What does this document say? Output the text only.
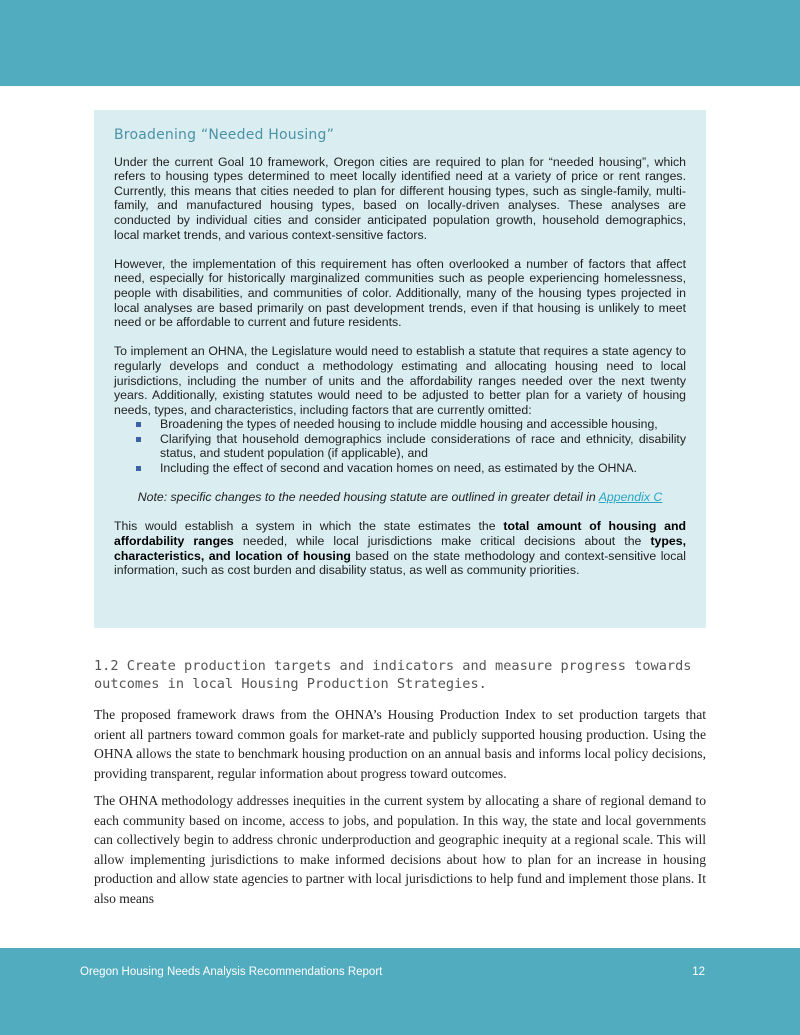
Broadening “Needed Housing”

Under the current Goal 10 framework, Oregon cities are required to plan for “needed housing”, which refers to housing types determined to meet locally identified need at a variety of price or rent ranges. Currently, this means that cities needed to plan for different housing types, such as single-family, multi-family, and manufactured housing types, based on locally-driven analyses. These analyses are conducted by individual cities and consider anticipated population growth, household demographics, local market trends, and various context-sensitive factors.

However, the implementation of this requirement has often overlooked a number of factors that affect need, especially for historically marginalized communities such as people experiencing homelessness, people with disabilities, and communities of color. Additionally, many of the housing types projected in local analyses are based primarily on past development trends, even if that housing is unlikely to meet need or be affordable to current and future residents.

To implement an OHNA, the Legislature would need to establish a statute that requires a state agency to regularly develops and conduct a methodology estimating and allocating housing need to local jurisdictions, including the number of units and the affordability ranges needed over the next twenty years. Additionally, existing statutes would need to be adjusted to better plan for a variety of housing needs, types, and characteristics, including factors that are currently omitted:

Broadening the types of needed housing to include middle housing and accessible housing,
Clarifying that household demographics include considerations of race and ethnicity, disability status, and student population (if applicable), and
Including the effect of second and vacation homes on need, as estimated by the OHNA.

Note: specific changes to the needed housing statute are outlined in greater detail in Appendix C

This would establish a system in which the state estimates the total amount of housing and affordability ranges needed, while local jurisdictions make critical decisions about the types, characteristics, and location of housing based on the state methodology and context-sensitive local information, such as cost burden and disability status, as well as community priorities.

1.2 Create production targets and indicators and measure progress towards outcomes in local Housing Production Strategies.

The proposed framework draws from the OHNA’s Housing Production Index to set production targets that orient all partners toward common goals for market-rate and publicly supported housing production. Using the OHNA allows the state to benchmark housing production on an annual basis and informs local policy decisions, providing transparent, regular information about progress toward outcomes.

The OHNA methodology addresses inequities in the current system by allocating a share of regional demand to each community based on income, access to jobs, and population. In this way, the state and local governments can collectively begin to address chronic underproduction and geographic inequity at a regional scale. This will allow implementing jurisdictions to make informed decisions about how to plan for an increase in housing production and allow state agencies to partner with local jurisdictions to help fund and implement those plans. It also means

Oregon Housing Needs Analysis Recommendations Report	12
